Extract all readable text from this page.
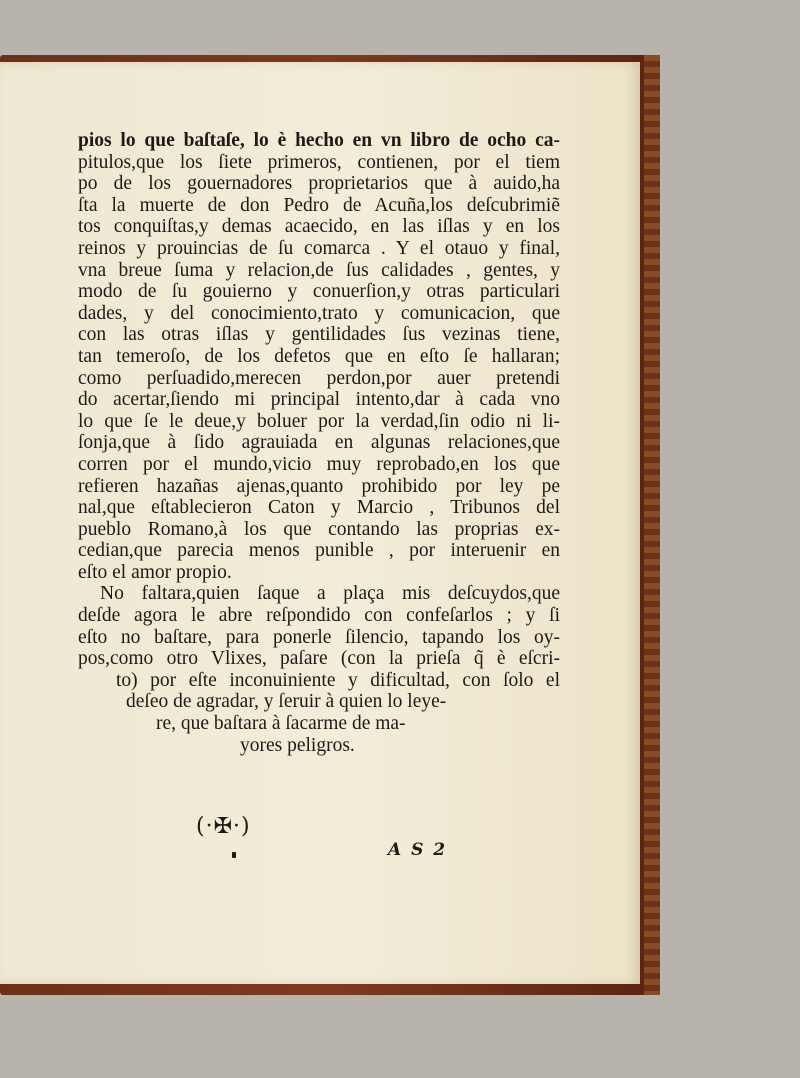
pios lo que baſtaſe, lo è hecho en vn libro de ocho ca-
pitulos,que los ſiete primeros, contienen, por el tiem
po de los gouernadores proprietarios que à auido,ha
ſta la muerte de don Pedro de Acuña,los deſcubrimiẽ
tos conquiſtas,y demas acaecido, en las iſlas y en los
reinos y prouincias de ſu comarca . Y el otauo y final,
vna breue ſuma y relacion,de ſus calidades , gentes, y
modo de ſu gouierno y conuerſion,y otras particulari
dades, y del conocimiento,trato y comunicacion, que
con las otras iſlas y gentilidades ſus vezinas tiene,
tan temeroſo, de los defetos que en eſto ſe hallaran;
como perſuadido,merecen perdon,por auer pretendi
do acertar,ſiendo mi principal intento,dar à cada vno
lo que ſe le deue,y boluer por la verdad,ſin odio ni li-
ſonja,que à ſido agrauiada en algunas relaciones,que
corren por el mundo,vicio muy reprobado,en los que
refieren hazañas ajenas,quanto prohibido por ley pe
nal,que eſtablecieron Caton y Marcio , Tribunos del
pueblo Romano,à los que contando las proprias ex-
cedian,que parecia menos punible , por interuenir en
eſto el amor propio.
No faltara,quien ſaque a plaça mis deſcuydos,que
deſde agora le abre reſpondido con confeſarlos ; y ſi
eſto no baſtare, para ponerle ſilencio, tapando los oy-
pos,como otro Vlixes, paſare (con la prieſa q̃ è eſcri-
to) por eſte inconuiniente y dificultad, con ſolo el
deſeo de agradar, y ſeruir à quien lo leye-
re, que baſtara à ſacarme de ma-
yores peligros.
(·✠·)
A S 2
